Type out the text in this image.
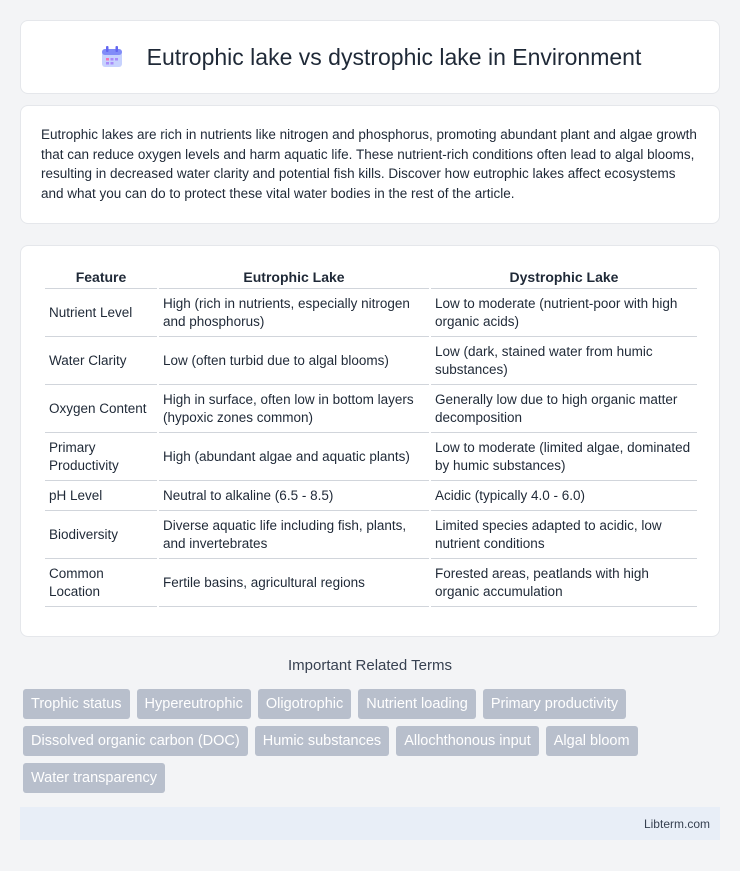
Eutrophic lake vs dystrophic lake in Environment

Eutrophic lakes are rich in nutrients like nitrogen and phosphorus, promoting abundant plant and algae growth that can reduce oxygen levels and harm aquatic life. These nutrient-rich conditions often lead to algal blooms, resulting in decreased water clarity and potential fish kills. Discover how eutrophic lakes affect ecosystems and what you can do to protect these vital water bodies in the rest of the article.

Feature	Eutrophic Lake	Dystrophic Lake
Nutrient Level	High (rich in nutrients, especially nitrogen and phosphorus)	Low to moderate (nutrient-poor with high organic acids)
Water Clarity	Low (often turbid due to algal blooms)	Low (dark, stained water from humic substances)
Oxygen Content	High in surface, often low in bottom layers (hypoxic zones common)	Generally low due to high organic matter decomposition
Primary Productivity	High (abundant algae and aquatic plants)	Low to moderate (limited algae, dominated by humic substances)
pH Level	Neutral to alkaline (6.5 - 8.5)	Acidic (typically 4.0 - 6.0)
Biodiversity	Diverse aquatic life including fish, plants, and invertebrates	Limited species adapted to acidic, low nutrient conditions
Common Location	Fertile basins, agricultural regions	Forested areas, peatlands with high organic accumulation
Important Related Terms
Trophic status	Hypereutrophic	Oligotrophic	Nutrient loading	Primary productivity
Dissolved organic carbon (DOC)	Humic substances	Allochthonous input	Algal bloom
Water transparency
Libterm.com
